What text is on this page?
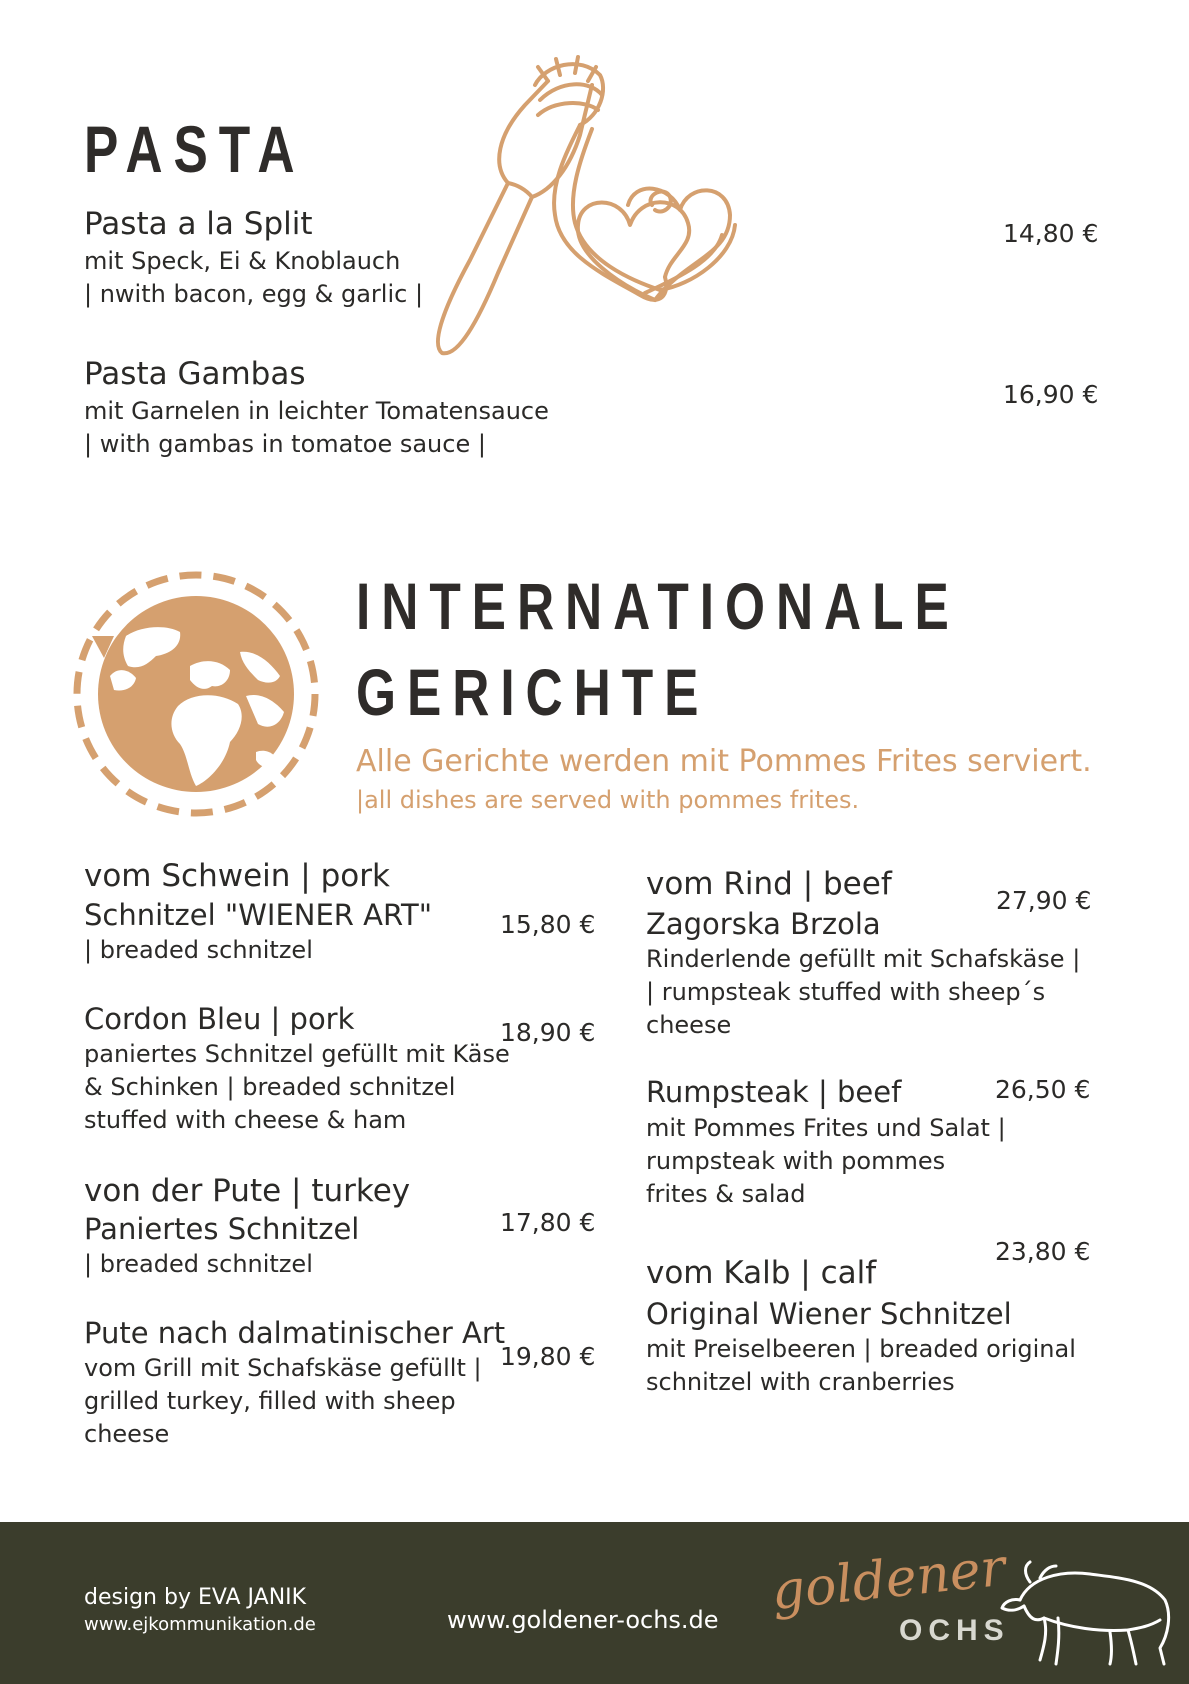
PASTA
Pasta a la Split
mit Speck, Ei & Knoblauch
| nwith bacon, egg & garlic |
14,80 €
Pasta Gambas
mit Garnelen in leichter Tomatensauce
| with gambas in tomatoe sauce |
16,90 €
INTERNATIONALE
GERICHTE
Alle Gerichte werden mit Pommes Frites serviert.
|all dishes are served with pommes frites.
vom Schwein | pork
Schnitzel "WIENER ART"
| breaded schnitzel
15,80 €
Cordon Bleu | pork
paniertes Schnitzel gefüllt mit Käse & Schinken | breaded schnitzel stuffed with cheese & ham
18,90 €
von der Pute | turkey
Paniertes Schnitzel
| breaded schnitzel
17,80 €
Pute nach dalmatinischer Art
vom Grill mit Schafskäse gefüllt | grilled turkey, filled with sheep cheese
19,80 €
vom Rind | beef
Zagorska Brzola
Rinderlende gefüllt mit Schafskäse | | rumpsteak stuffed with sheep´s cheese
27,90 €
Rumpsteak | beef
mit Pommes Frites und Salat | rumpsteak with pommes frites & salad
26,50 €
vom Kalb | calf
Original Wiener Schnitzel
mit Preiselbeeren | breaded original schnitzel with cranberries
23,80 €
design by EVA JANIK
www.ejkommunikation.de	www.goldener-ochs.de goldener
OCHS
